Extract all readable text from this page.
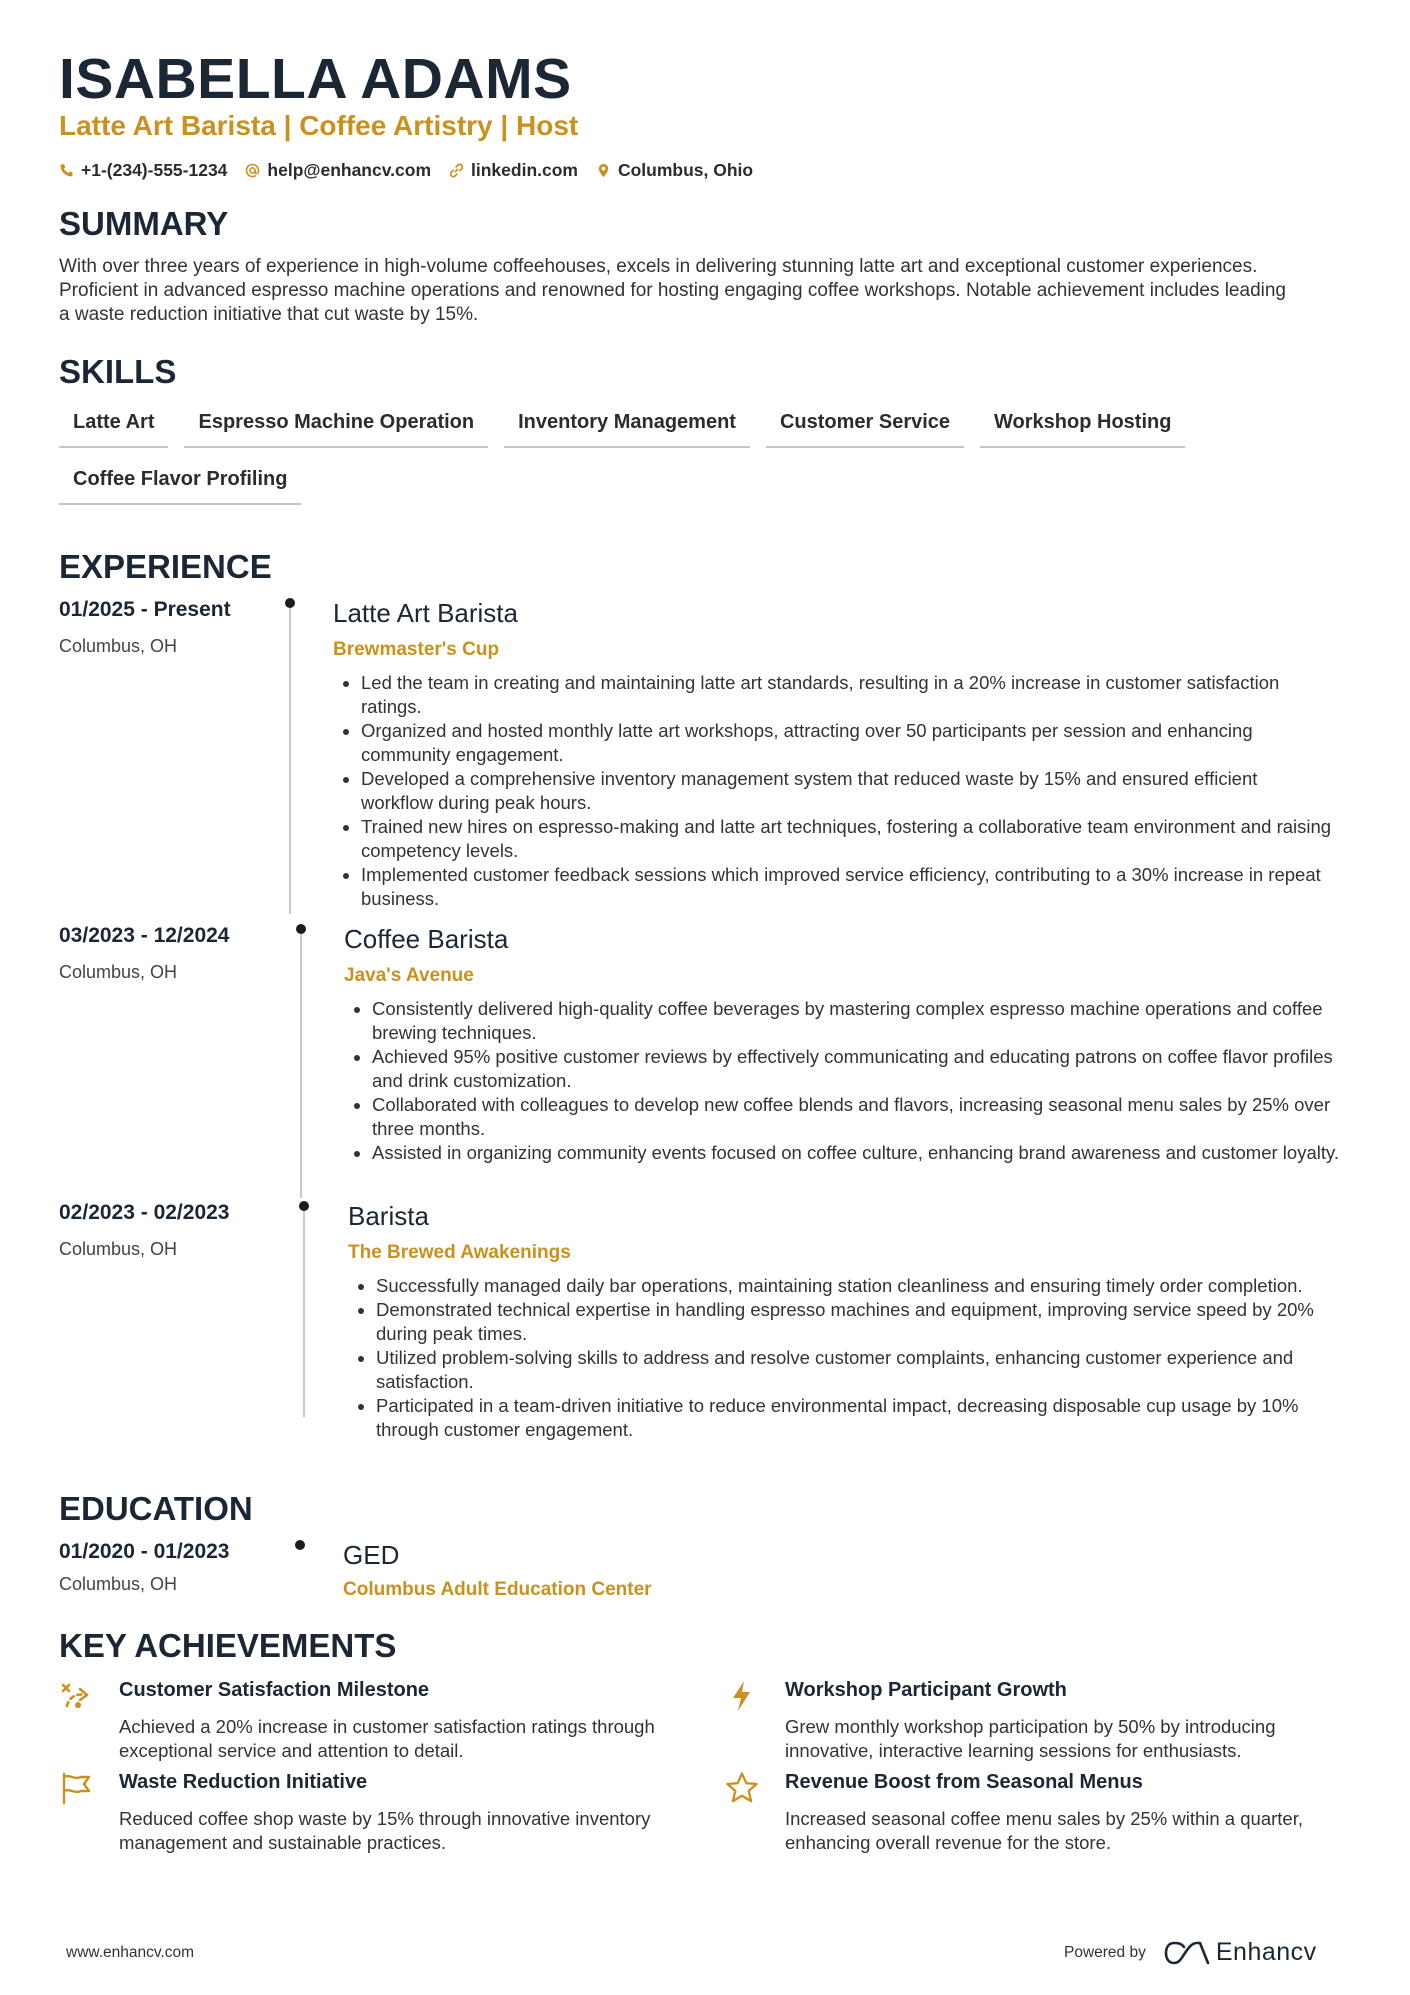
ISABELLA ADAMS
Latte Art Barista | Coffee Artistry | Host
+1-(234)-555-1234 help@enhancv.com linkedin.com Columbus, Ohio
SUMMARY
With over three years of experience in high-volume coffeehouses, excels in delivering stunning latte art and exceptional customer experiences. Proficient in advanced espresso machine operations and renowned for hosting engaging coffee workshops. Notable achievement includes leading a waste reduction initiative that cut waste by 15%.
SKILLS
Latte Art	Espresso Machine Operation	Inventory Management	Customer Service	Workshop Hosting
Coffee Flavor Profiling
EXPERIENCE
01/2025 - Present
Columbus, OH
Latte Art Barista
Brewmaster's Cup
• Led the team in creating and maintaining latte art standards, resulting in a 20% increase in customer satisfaction ratings.
• Organized and hosted monthly latte art workshops, attracting over 50 participants per session and enhancing community engagement.
• Developed a comprehensive inventory management system that reduced waste by 15% and ensured efficient workflow during peak hours.
• Trained new hires on espresso-making and latte art techniques, fostering a collaborative team environment and raising competency levels.
• Implemented customer feedback sessions which improved service efficiency, contributing to a 30% increase in repeat business.
03/2023 - 12/2024
Columbus, OH
Coffee Barista
Java's Avenue
• Consistently delivered high-quality coffee beverages by mastering complex espresso machine operations and coffee brewing techniques.
• Achieved 95% positive customer reviews by effectively communicating and educating patrons on coffee flavor profiles and drink customization.
• Collaborated with colleagues to develop new coffee blends and flavors, increasing seasonal menu sales by 25% over three months.
• Assisted in organizing community events focused on coffee culture, enhancing brand awareness and customer loyalty.
02/2023 - 02/2023
Columbus, OH
Barista
The Brewed Awakenings
• Successfully managed daily bar operations, maintaining station cleanliness and ensuring timely order completion.
• Demonstrated technical expertise in handling espresso machines and equipment, improving service speed by 20% during peak times.
• Utilized problem-solving skills to address and resolve customer complaints, enhancing customer experience and satisfaction.
• Participated in a team-driven initiative to reduce environmental impact, decreasing disposable cup usage by 10% through customer engagement.
EDUCATION
01/2020 - 01/2023
Columbus, OH
GED
Columbus Adult Education Center
KEY ACHIEVEMENTS
Customer Satisfaction Milestone
Achieved a 20% increase in customer satisfaction ratings through exceptional service and attention to detail.
Workshop Participant Growth
Grew monthly workshop participation by 50% by introducing innovative, interactive learning sessions for enthusiasts.
Waste Reduction Initiative
Reduced coffee shop waste by 15% through innovative inventory management and sustainable practices.
Revenue Boost from Seasonal Menus
Increased seasonal coffee menu sales by 25% within a quarter, enhancing overall revenue for the store.
www.enhancv.com	Powered by	Enhancv
